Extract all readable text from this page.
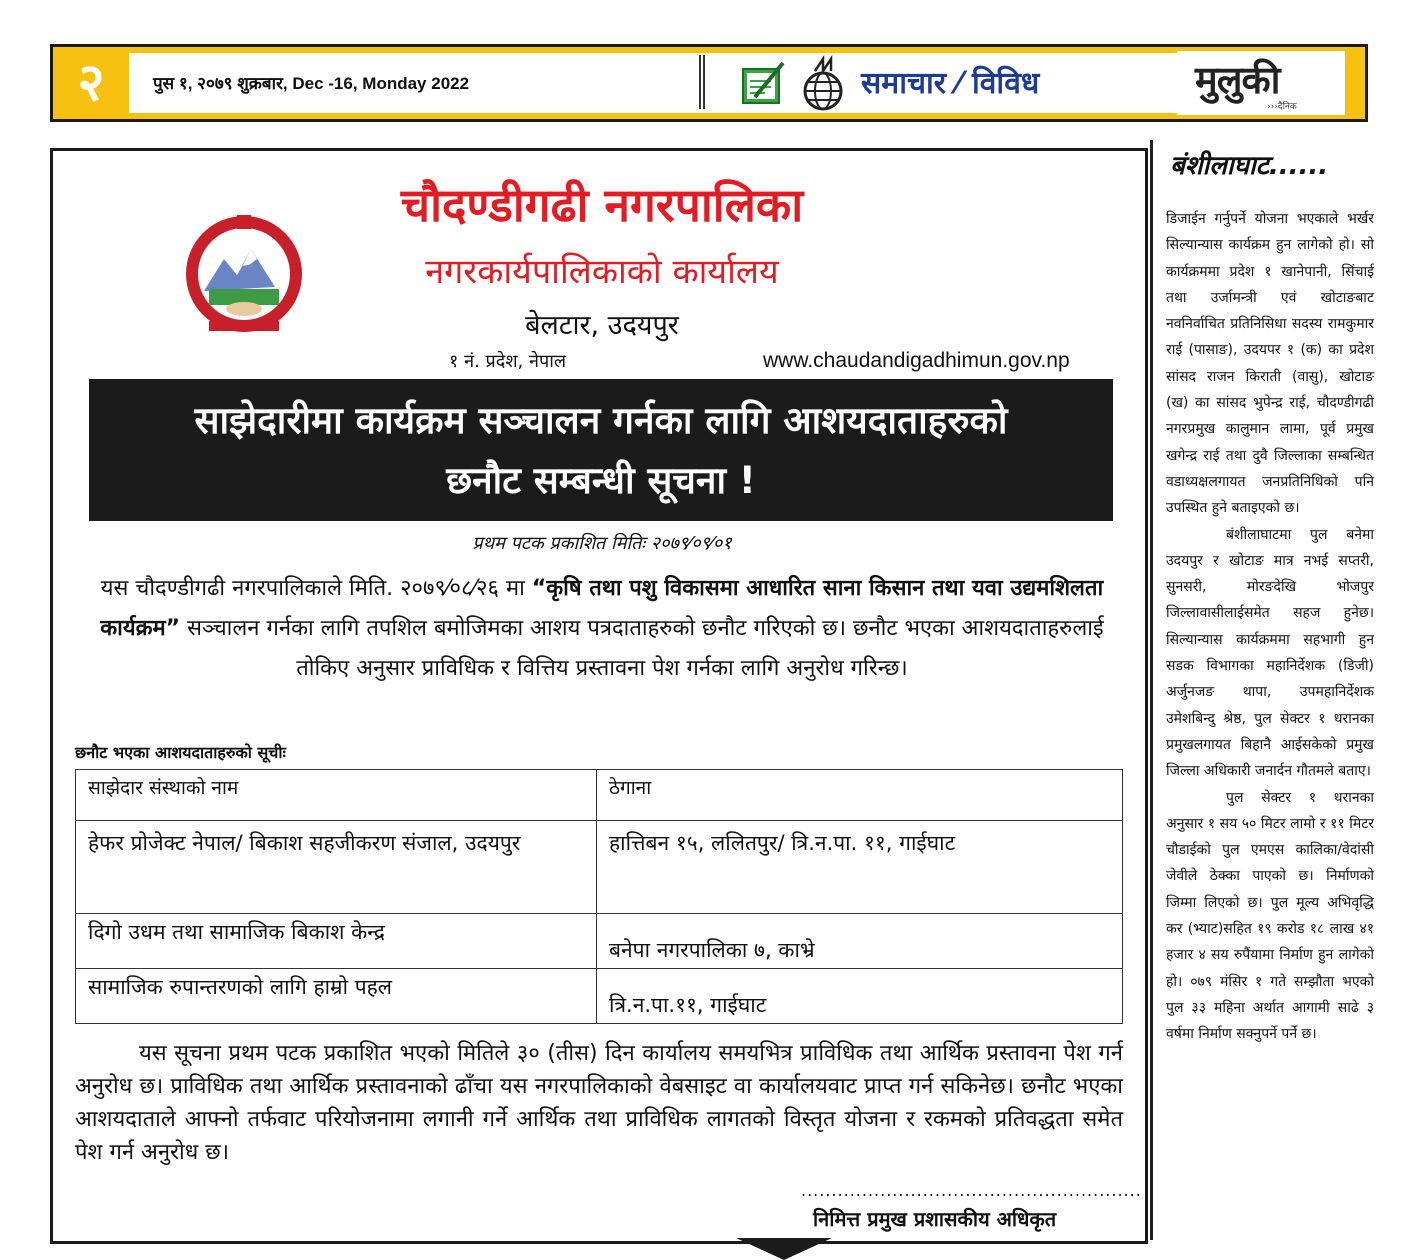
२	पुस १, २०७९ शुक्रबार, Dec -16, Monday 2022	समाचार ⁄ विविध	मुलुकी
›››दैनिक
चौदण्डीगढी नगरपालिका
नगरकार्यपालिकाको कार्यालय
बेलटार, उदयपुर
१ नं. प्रदेश, नेपाल	www.chaudandigadhimun.gov.np
साझेदारीमा कार्यक्रम सञ्चालन गर्नका लागि आशयदाताहरुको
छनौट सम्बन्धी सूचना !
प्रथम पटक प्रकाशित मितिः २०७९⁄०९⁄०१
यस चौदण्डीगढी नगरपालिकाले मिति. २०७९⁄०८⁄२६ मा “कृषि तथा पशु विकासमा आधारित साना किसान तथा यवा उद्यमशिलता कार्यक्रम” सञ्चालन गर्नका लागि तपशिल बमोजिमका आशय पत्रदाताहरुको छनौट गरिएको छ। छनौट भएका आशयदाताहरुलाई तोकिए अनुसार प्राविधिक र वित्तिय प्रस्तावना पेश गर्नका लागि अनुरोध गरिन्छ।
छनौट भएका आशयदाताहरुको सूचीः
साझेदार संस्थाको नाम	ठेगाना
हेफर प्रोजेक्ट नेपाल/ बिकाश सहजीकरण संजाल, उदयपुर	हात्तिबन १५, ललितपुर/ त्रि.न.पा. ११, गाईघाट
दिगो उधम तथा सामाजिक बिकाश केन्द्र	बनेपा नगरपालिका ७, काभ्रे
सामाजिक रुपान्तरणको लागि हाम्रो पहल	त्रि.न.पा.११, गाईघाट
यस सूचना प्रथम पटक प्रकाशित भएको मितिले ३० (तीस) दिन कार्यालय समयभित्र प्राविधिक तथा आर्थिक प्रस्तावना पेश गर्न अनुरोध छ। प्राविधिक तथा आर्थिक प्रस्तावनाको ढाँचा यस नगरपालिकाको वेबसाइट वा कार्यालयवाट प्राप्त गर्न सकिनेछ। छनौट भएका आशयदाताले आफ्नो तर्फवाट परियोजनामा लगानी गर्ने आर्थिक तथा प्राविधिक लागतको विस्तृत योजना र रकमको प्रतिवद्धता समेत पेश गर्न अनुरोध छ।
........................................................
निमित्त प्रमुख प्रशासकीय अधिकृत
बंशीलाघाट......

डिजाईन गर्नुपर्ने योजना भएकाले भर्खर सिल्यान्यास कार्यक्रम हुन लागेको हो। सो कार्यक्रममा प्रदेश १ खानेपानी, सिंचाई तथा उर्जामन्त्री एवं खोटाङबाट नवनिर्वाचित प्रतिनिसिधा सदस्य रामकुमार राई (पासाङ), उदयपर १ (क) का प्रदेश सांसद राजन किराती (वासु), खोटाङ (ख) का सांसद भुपेन्द्र राई, चौदण्डीगढी नगरप्रमुख कालुमान लामा, पूर्व प्रमुख खगेन्द्र राई तथा दुवै जिल्लाका सम्बन्धित वडाध्यक्षलगायत जनप्रतिनिधिको पनि उपस्थित हुने बताइएको छ।

बंशीलाघाटमा पुल बनेमा उदयपुर र खोटाङ मात्र नभई सप्तरी, सुनसरी, मोरङदेखि भोजपुर जिल्लावासीलाईसमेत सहज हुनेछ। सिल्यान्यास कार्यक्रममा सहभागी हुन सडक विभागका महानिर्देशक (डिजी) अर्जुनजङ थापा, उपमहानिर्देशक उमेशबिन्दु श्रेष्ठ, पुल सेक्टर १ धरानका प्रमुखलगायत बिहानै आईसकेको प्रमुख जिल्ला अधिकारी जनार्दन गौतमले बताए।

पुल सेक्टर १ धरानका अनुसार १ सय ५० मिटर लामो र ११ मिटर चौडाईको पुल एमएस कालिका/वेदांसी जेवीले ठेक्का पाएको छ। निर्माणको जिम्मा लिएको छ। पुल मूल्य अभिवृद्धि कर (भ्याट)सहित १९ करोड १८ लाख ४१ हजार ४ सय रुपैंयामा निर्माण हुन लागेको हो। ०७९ मंसिर १ गते सम्झौता भएको पुल ३३ महिना अर्थात आगामी साढे ३ वर्षमा निर्माण सक्नुपर्ने पर्ने छ।
